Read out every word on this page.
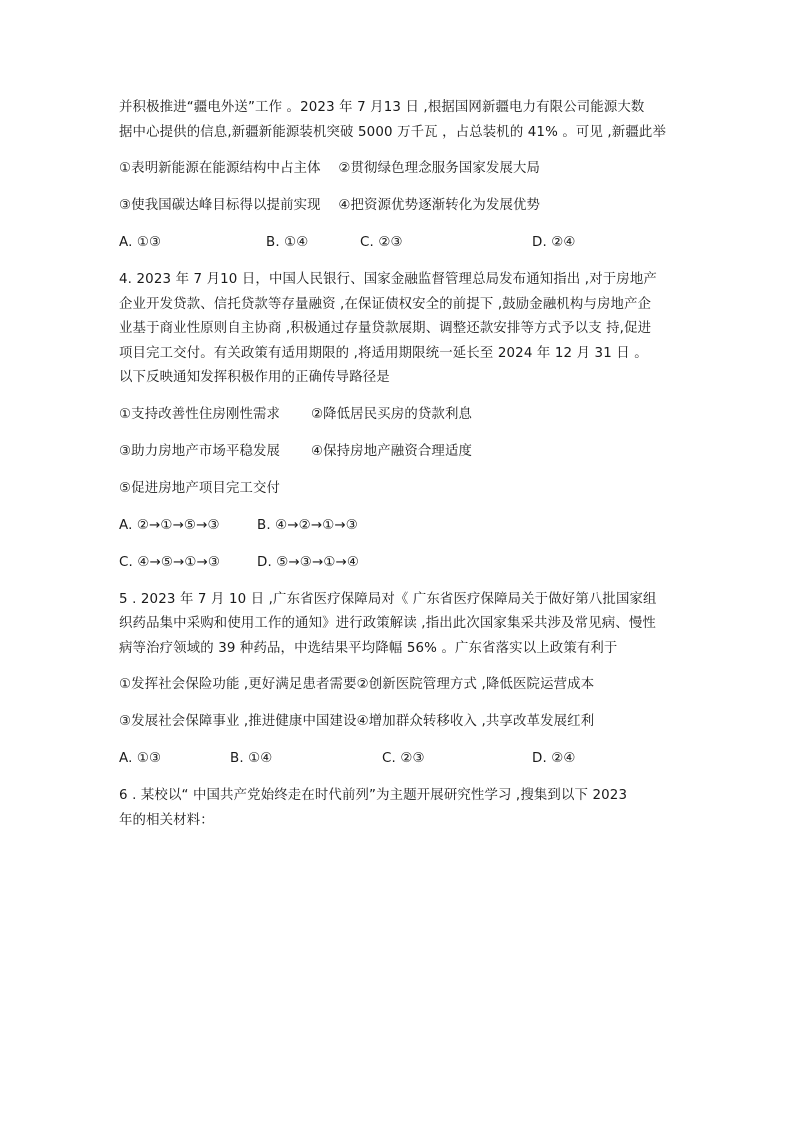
并积极推进“疆电外送”工作 。2023 年 7 月13 日 ,根据国网新疆电力有限公司能源大数
据中心提供的信息,新疆新能源装机突破 5000 万千瓦 ，占总装机的 41% 。可见 ,新疆此举

①表明新能源在能源结构中占主体    ②贯彻绿色理念服务国家发展大局

③使我国碳达峰目标得以提前实现    ④把资源优势逐渐转化为发展优势

A. ①③	B. ①④	C. ②③	D. ②④

4. 2023 年 7 月10 日，中国人民银行、国家金融监督管理总局发布通知指出 ,对于房地产
企业开发贷款、信托贷款等存量融资 ,在保证债权安全的前提下 ,鼓励金融机构与房地产企
业基于商业性原则自主协商 ,积极通过存量贷款展期、调整还款安排等方式予以支 持,促进
项目完工交付。有关政策有适用期限的 ,将适用期限统一延长至 2024 年 12 月 31 日 。
以下反映通知发挥积极作用的正确传导路径是

①支持改善性住房刚性需求       ②降低居民买房的贷款利息

③助力房地产市场平稳发展       ④保持房地产融资合理适度

⑤促进房地产项目完工交付

A. ②→①→⑤→③	B. ④→②→①→③
C. ④→⑤→①→③	D. ⑤→③→①→④

5 . 2023 年 7 月 10 日 ,广东省医疗保障局对《 广东省医疗保障局关于做好第八批国家组
织药品集中采购和使用工作的通知》进行政策解读 ,指出此次国家集采共涉及常见病、慢性
病等治疗领域的 39 种药品，中选结果平均降幅 56% 。广东省落实以上政策有利于

①发挥社会保险功能 ,更好满足患者需要②创新医院管理方式 ,降低医院运营成本

③发展社会保障事业 ,推进健康中国建设④增加群众转移收入 ,共享改革发展红利

A. ①③	B. ①④	C. ②③	D. ②④

6 . 某校以“ 中国共产党始终走在时代前列”为主题开展研究性学习 ,搜集到以下 2023
年的相关材料：
